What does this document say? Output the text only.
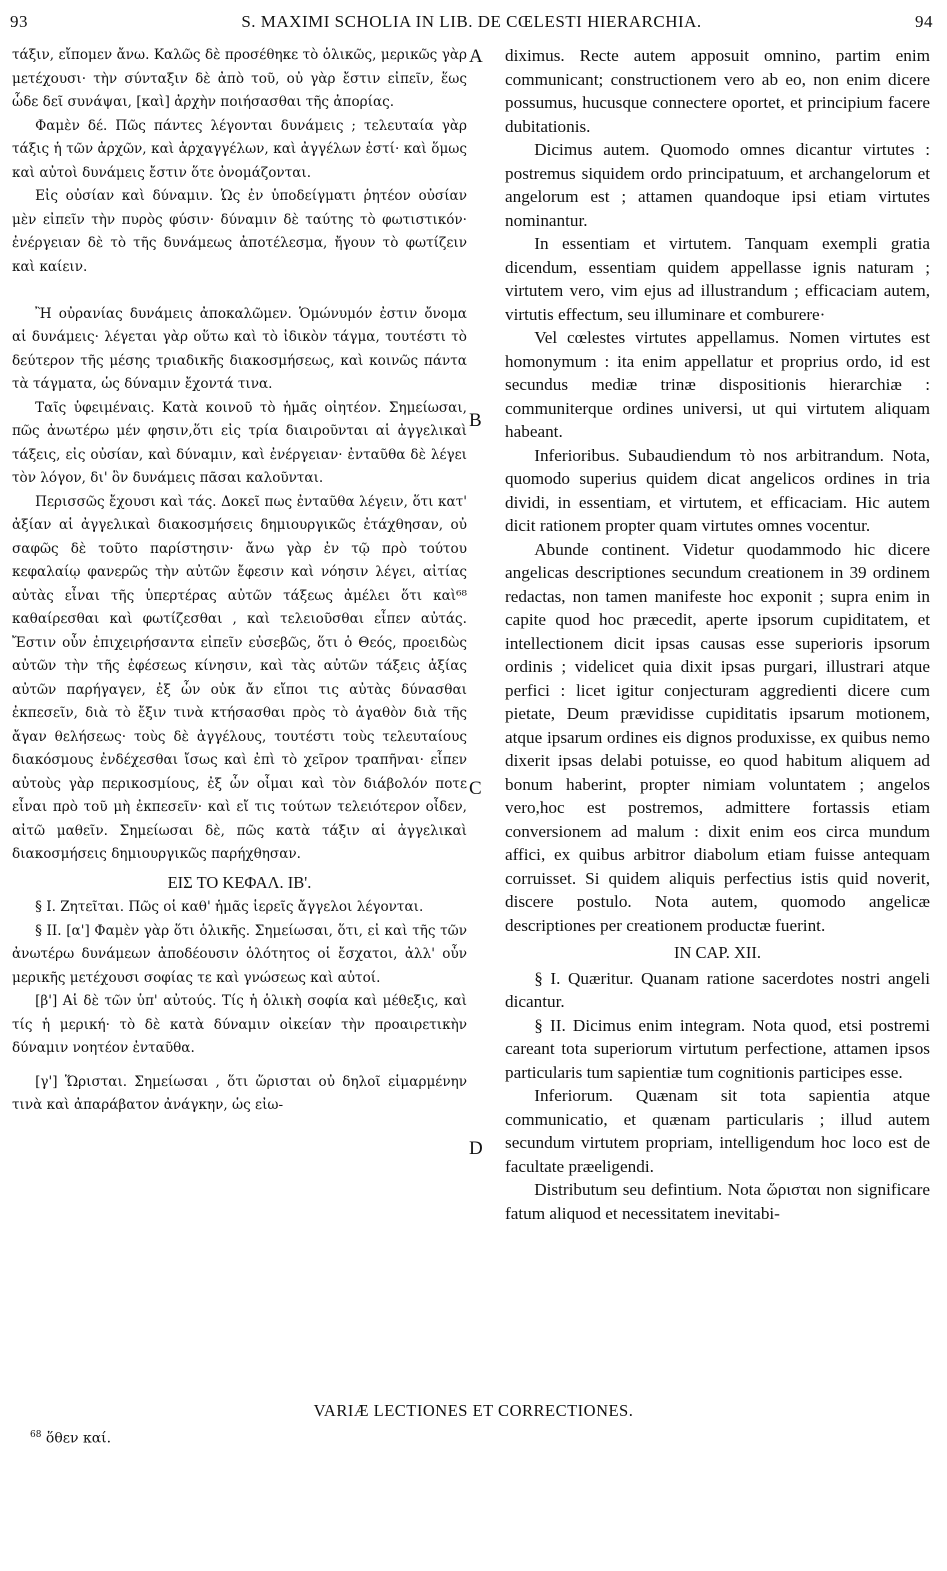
93	S. MAXIMI SCHOLIA IN LIB. DE CŒLESTI HIERARCHIA.	94

τάξιν, εἴπομεν ἄνω. Καλῶς δὲ προσέθηκε τὸ ὁλικῶς, μερικῶς γὰρ μετέχουσι· τὴν σύνταξιν δὲ ἀπὸ τοῦ, οὐ γὰρ ἔστιν εἰπεῖν, ἕως ὧδε δεῖ συνάψαι, [καὶ] ἀρχὴν ποιήσασθαι τῆς ἀπορίας.

Φαμὲν δέ. Πῶς πάντες λέγονται δυνάμεις ; τελευταία γὰρ τάξις ἡ τῶν ἀρχῶν, καὶ ἀρχαγγέλων, καὶ ἀγγέλων ἐστί· καὶ ὅμως καὶ αὐτοὶ δυνάμεις ἔστιν ὅτε ὀνομάζονται.

Εἰς οὐσίαν καὶ δύναμιν. Ὡς ἐν ὑποδείγματι ῥητέον οὐσίαν μὲν εἰπεῖν τὴν πυρὸς φύσιν· δύναμιν δὲ ταύτης τὸ φωτιστικόν· ἐνέργειαν δὲ τὸ τῆς δυνάμεως ἀποτέλεσμα, ἤγουν τὸ φωτίζειν καὶ καίειν.

Ἢ οὐρανίας δυνάμεις ἀποκαλῶμεν. Ὁμώνυμόν ἐστιν ὄνομα αἱ δυνάμεις· λέγεται γὰρ οὕτω καὶ τὸ ἰδικὸν τάγμα, τουτέστι τὸ δεύτερον τῆς μέσης τριαδικῆς διακοσμήσεως, καὶ κοινῶς πάντα τὰ τάγματα, ὡς δύναμιν ἔχοντά τινα.

Ταῖς ὑφειμέναις. Κατὰ κοινοῦ τὸ ἡμᾶς οἰητέον. Σημείωσαι, πῶς ἀνωτέρω μέν φησιν,ὅτι εἰς τρία διαιροῦνται αἱ ἀγγελικαὶ τάξεις, εἰς οὐσίαν, καὶ δύναμιν, καὶ ἐνέργειαν· ἐνταῦθα δὲ λέγει τὸν λόγον, δι' ὃν δυνάμεις πᾶσαι καλοῦνται.

Περισσῶς ἔχουσι καὶ τάς. Δοκεῖ πως ἐνταῦθα λέγειν, ὅτι κατ' ἀξίαν αἱ ἀγγελικαὶ διακοσμήσεις δημιουργικῶς ἐτάχθησαν, οὐ σαφῶς δὲ τοῦτο παρίστησιν· ἄνω γὰρ ἐν τῷ πρὸ τούτου κεφαλαίῳ φανερῶς τὴν αὐτῶν ἔφεσιν καὶ νόησιν λέγει, αἰτίας αὐτὰς εἶναι τῆς ὑπερτέρας αὐτῶν τάξεως ἀμέλει ὅτι καὶ⁶⁸ καθαίρεσθαι καὶ φωτίζεσθαι , καὶ τελειοῦσθαι εἶπεν αὐτάς. Ἔστιν οὖν ἐπιχειρήσαντα εἰπεῖν εὐσεβῶς, ὅτι ὁ Θεός, προειδὼς αὐτῶν τὴν τῆς ἐφέσεως κίνησιν, καὶ τὰς αὐτῶν τάξεις ἀξίας αὐτῶν παρήγαγεν, ἐξ ὧν οὐκ ἄν εἴποι τις αὐτὰς δύνασθαι ἐκπεσεῖν, διὰ τὸ ἔξιν τινὰ κτήσασθαι πρὸς τὸ ἀγαθὸν διὰ τῆς ἄγαν θελήσεως· τοὺς δὲ ἀγγέλους, τουτέστι τοὺς τελευταίους διακόσμους ἐνδέχεσθαι ἴσως καὶ ἐπὶ τὸ χεῖρον τραπῆναι· εἶπεν αὐτοὺς γὰρ περικοσμίους, ἐξ ὧν οἶμαι καὶ τὸν διάβολόν ποτε εἶναι πρὸ τοῦ μὴ ἐκπεσεῖν· καὶ εἴ τις τούτων τελειότερον οἶδεν, αἰτῶ μαθεῖν. Σημείωσαι δὲ, πῶς κατὰ τάξιν αἱ ἀγγελικαὶ διακοσμήσεις δημιουργικῶς παρήχθησαν.

ΕΙΣ ΤΟ ΚΕΦΑΛ. ΙΒ'.

§ I. Ζητεῖται. Πῶς οἱ καθ' ἡμᾶς ἱερεῖς ἄγγελοι λέγονται.

§ II. [α'] Φαμὲν γὰρ ὅτι ὁλικῆς. Σημείωσαι, ὅτι, εἰ καὶ τῆς τῶν ἀνωτέρω δυνάμεων ἀποδέουσιν ὁλότητος οἱ ἔσχατοι, ἀλλ' οὖν μερικῆς μετέχουσι σοφίας τε καὶ γνώσεως καὶ αὐτοί.

[β'] Αἱ δὲ τῶν ὑπ' αὐτούς. Τίς ἡ ὁλικὴ σοφία καὶ μέθεξις, καὶ τίς ἡ μερική· τὸ δὲ κατὰ δύναμιν οἰκείαν τὴν προαιρετικὴν δύναμιν νοητέον ἐνταῦθα.

[γ'] Ὥρισται. Σημείωσαι , ὅτι ὥρισται οὐ δηλοῖ εἱμαρμένην τινὰ καὶ ἀπαράβατον ἀνάγκην, ὡς εἰω-

A
B
C
D

diximus. Recte autem apposuit omnino, partim enim communicant; constructionem vero ab eo, non enim dicere possumus, hucusque connectere oportet, et principium facere dubitationis.

Dicimus autem. Quomodo omnes dicantur virtutes : postremus siquidem ordo principatuum, et archangelorum et angelorum est ; attamen quandoque ipsi etiam virtutes nominantur.

In essentiam et virtutem. Tanquam exempli gratia dicendum, essentiam quidem appellasse ignis naturam ; virtutem vero, vim ejus ad illustrandum ; efficaciam autem, virtutis effectum, seu illuminare et comburere·

Vel cœlestes virtutes appellamus. Nomen virtutes est homonymum : ita enim appellatur et proprius ordo, id est secundus mediæ trinæ dispositionis hierarchiæ : communiterque ordines universi, ut qui virtutem aliquam habeant.

Inferioribus. Subaudiendum τὸ nos arbitrandum. Nota, quomodo superius quidem dicat angelicos ordines in tria dividi, in essentiam, et virtutem, et efficaciam. Hic autem dicit rationem propter quam virtutes omnes vocentur.

Abunde continent. Videtur quodammodo hic dicere angelicas descriptiones secundum creationem in 39 ordinem redactas, non tamen manifeste hoc exponit ; supra enim in capite quod hoc præcedit, aperte ipsorum cupiditatem, et intellectionem dicit ipsas causas esse superioris ipsorum ordinis ; videlicet quia dixit ipsas purgari, illustrari atque perfici : licet igitur conjecturam aggredienti dicere cum pietate, Deum prævidisse cupiditatis ipsarum motionem, atque ipsarum ordines eis dignos produxisse, ex quibus nemo dixerit ipsas delabi potuisse, eo quod habitum aliquem ad bonum haberint, propter nimiam voluntatem ; angelos vero,hoc est postremos, admittere fortassis etiam conversionem ad malum : dixit enim eos circa mundum affici, ex quibus arbitror diabolum etiam fuisse antequam corruisset. Si quidem aliquis perfectius istis quid noverit, discere postulo. Nota autem, quomodo angelicæ descriptiones per creationem productæ fuerint.

IN CAP. XII.

§ I. Quæritur. Quanam ratione sacerdotes nostri angeli dicantur.

§ II. Dicimus enim integram. Nota quod, etsi postremi careant tota superiorum virtutum perfectione, attamen ipsos particularis tum sapientiæ tum cognitionis participes esse.

Inferiorum. Quænam sit tota sapientia atque communicatio, et quænam particularis ; illud autem secundum virtutem propriam, intelligendum hoc loco est de facultate præeligendi.

Distributum seu defintium. Nota ὥρισται non significare fatum aliquod et necessitatem inevitabi-

VARIÆ LECTIONES ET CORRECTIONES.
$^{68}$ ὅθεν καί.
